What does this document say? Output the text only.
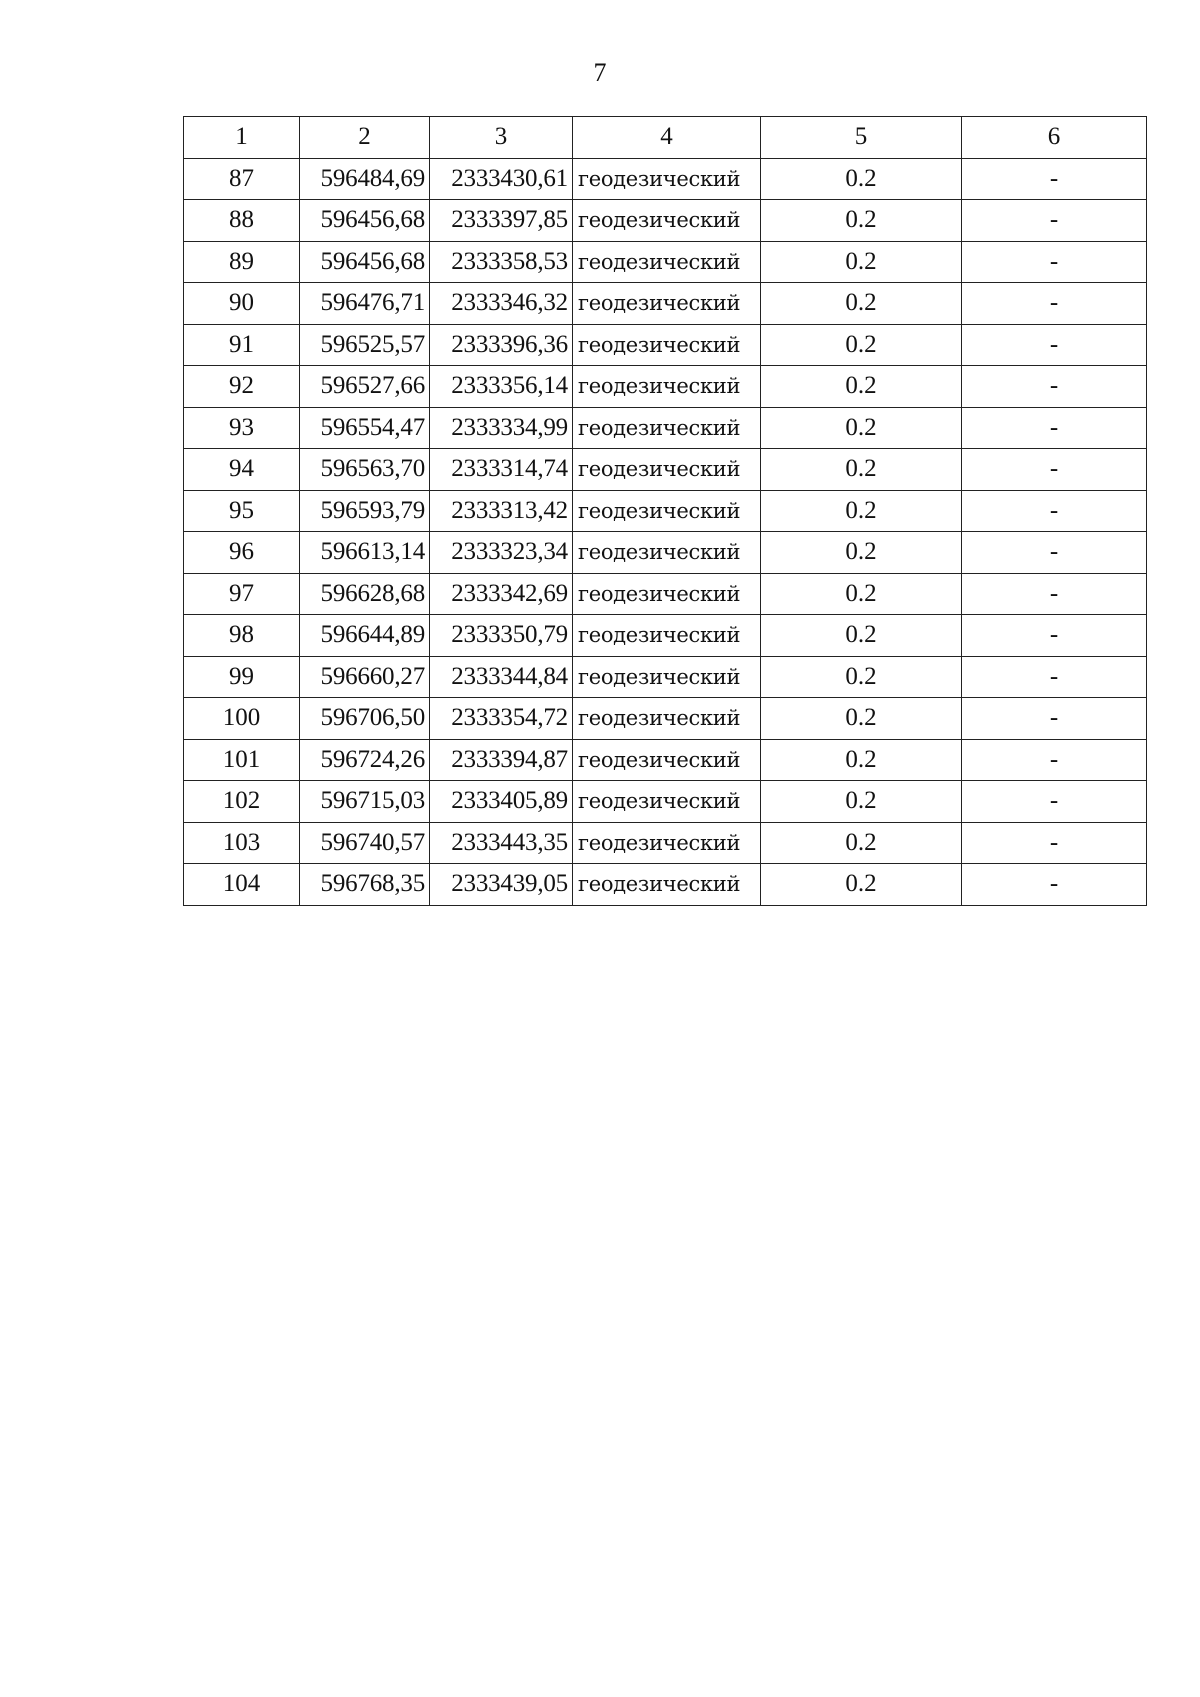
7
1	2	3	4	5	6
87	596484,69	2333430,61	геодезический	0.2	-
88	596456,68	2333397,85	геодезический	0.2	-
89	596456,68	2333358,53	геодезический	0.2	-
90	596476,71	2333346,32	геодезический	0.2	-
91	596525,57	2333396,36	геодезический	0.2	-
92	596527,66	2333356,14	геодезический	0.2	-
93	596554,47	2333334,99	геодезический	0.2	-
94	596563,70	2333314,74	геодезический	0.2	-
95	596593,79	2333313,42	геодезический	0.2	-
96	596613,14	2333323,34	геодезический	0.2	-
97	596628,68	2333342,69	геодезический	0.2	-
98	596644,89	2333350,79	геодезический	0.2	-
99	596660,27	2333344,84	геодезический	0.2	-
100	596706,50	2333354,72	геодезический	0.2	-
101	596724,26	2333394,87	геодезический	0.2	-
102	596715,03	2333405,89	геодезический	0.2	-
103	596740,57	2333443,35	геодезический	0.2	-
104	596768,35	2333439,05	геодезический	0.2	-
